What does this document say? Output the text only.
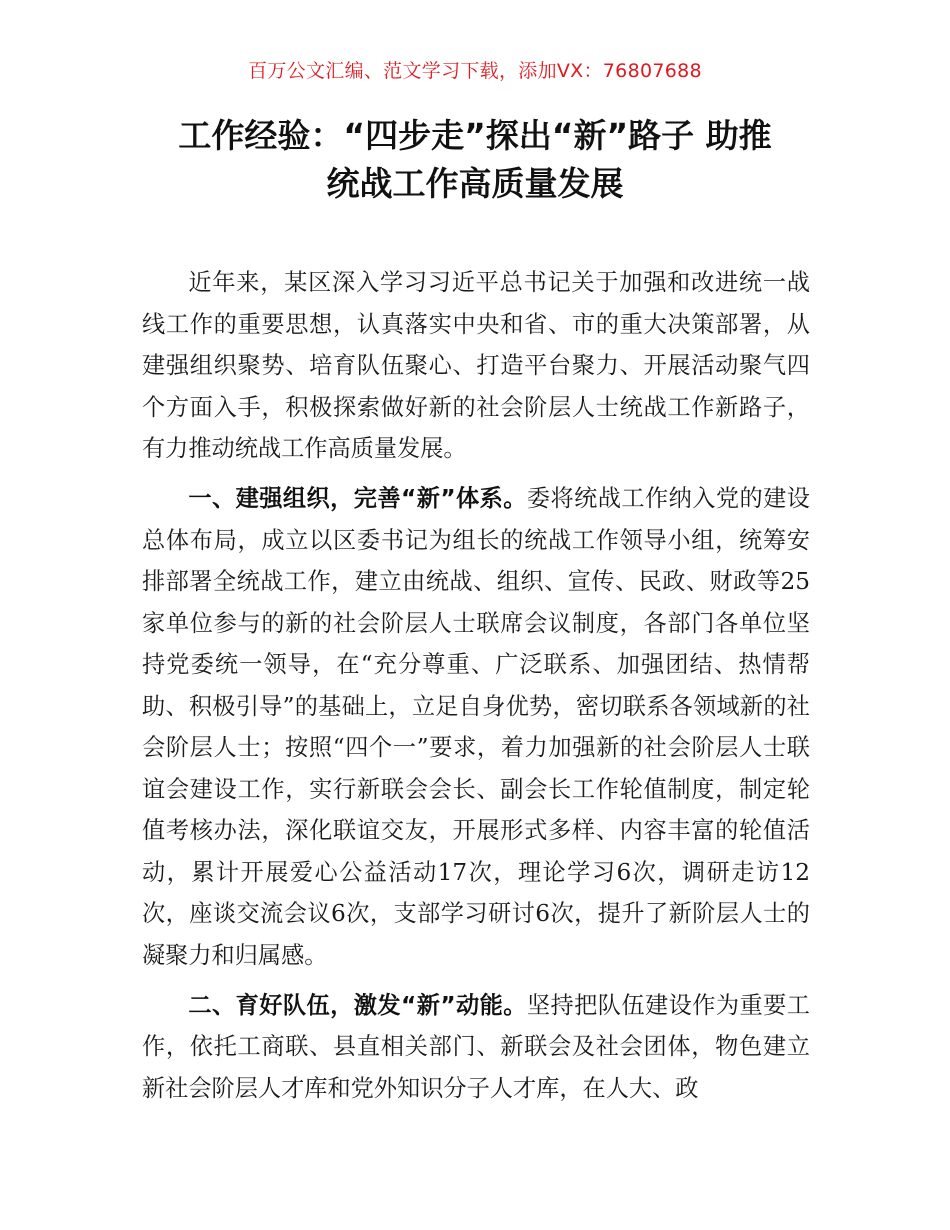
百万公文汇编、范文学习下载，添加VX：76807688
工作经验：“四步走”探出“新”路子 助推
统战工作高质量发展

近年来，某区深入学习习近平总书记关于加强和改进统一战线工作的重要思想，认真落实中央和省、市的重大决策部署，从建强组织聚势、培育队伍聚心、打造平台聚力、开展活动聚气四个方面入手，积极探索做好新的社会阶层人士统战工作新路子，有力推动统战工作高质量发展。

一、建强组织，完善“新”体系。委将统战工作纳入党的建设总体布局，成立以区委书记为组长的统战工作领导小组，统筹安排部署全统战工作，建立由统战、组织、宣传、民政、财政等25家单位参与的新的社会阶层人士联席会议制度，各部门各单位坚持党委统一领导，在“充分尊重、广泛联系、加强团结、热情帮助、积极引导”的基础上，立足自身优势，密切联系各领域新的社会阶层人士；按照“四个一”要求，着力加强新的社会阶层人士联谊会建设工作，实行新联会会长、副会长工作轮值制度，制定轮值考核办法，深化联谊交友，开展形式多样、内容丰富的轮值活动，累计开展爱心公益活动17次，理论学习6次，调研走访12次，座谈交流会议6次，支部学习研讨6次，提升了新阶层人士的凝聚力和归属感。

二、育好队伍，激发“新”动能。坚持把队伍建设作为重要工作，依托工商联、县直相关部门、新联会及社会团体，物色建立新社会阶层人才库和党外知识分子人才库，在人大、政
